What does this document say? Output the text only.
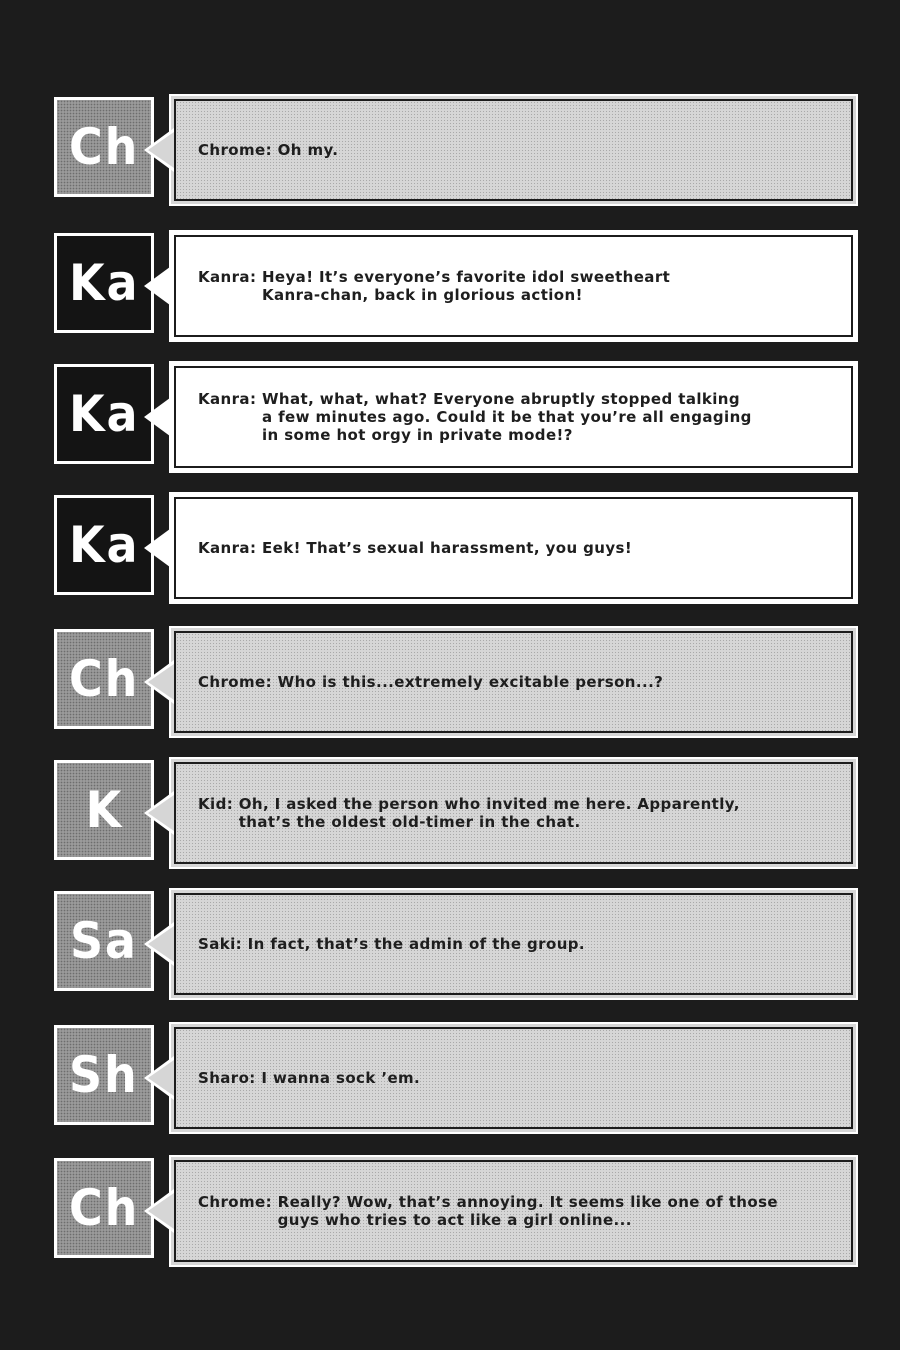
Ch	Chrome:
Oh my.
Ka	Kanra:
Heya! It’s everyone’s favorite idol sweetheart
Kanra-chan, back in glorious action!
Ka	Kanra:
What, what, what? Everyone abruptly stopped talking
a few minutes ago. Could it be that you’re all engaging
in some hot orgy in private mode!?
Ka	Kanra:
Eek! That’s sexual harassment, you guys!
Ch	Chrome:
Who is this...extremely excitable person...?
K	Kid:
Oh, I asked the person who invited me here. Apparently,
that’s the oldest old-timer in the chat.
Sa	Saki:
In fact, that’s the admin of the group.
Sh	Sharo:
I wanna sock ’em.
Ch	Chrome:
Really? Wow, that’s annoying. It seems like one of those
guys who tries to act like a girl online...
